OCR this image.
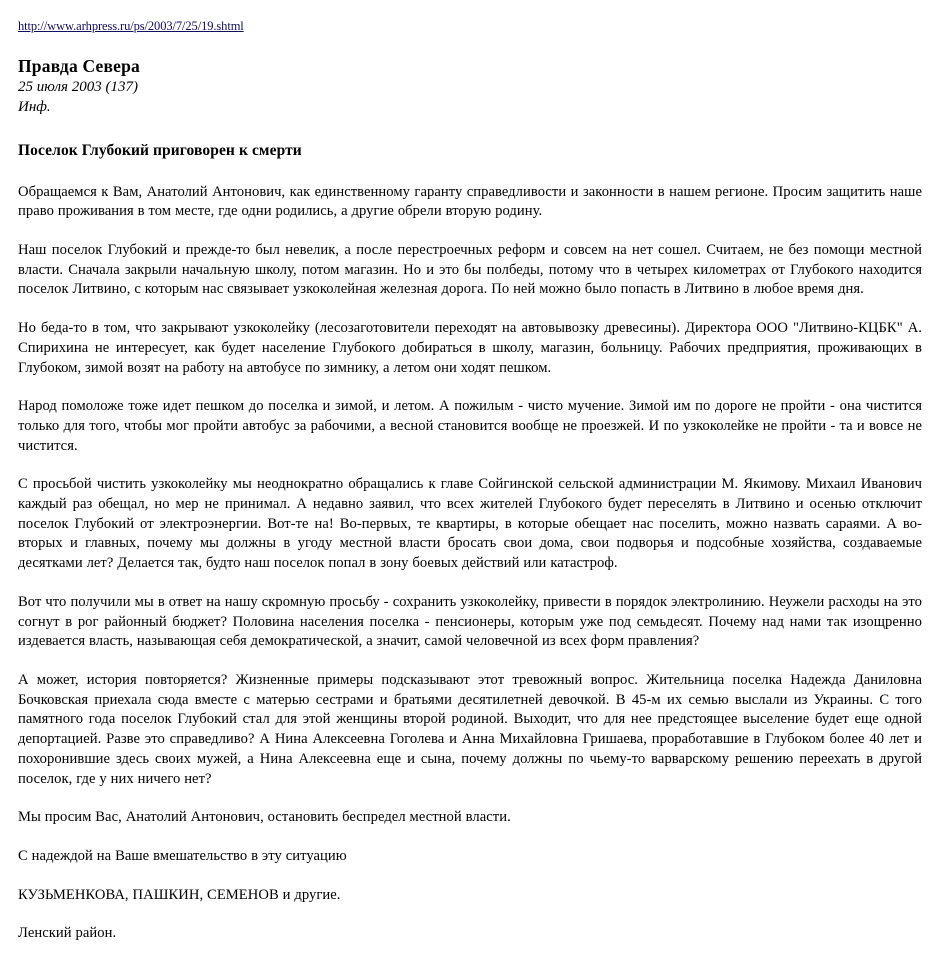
http://www.arhpress.ru/ps/2003/7/25/19.shtml
Правда Севера
25 июля 2003 (137)
Инф.
Поселок Глубокий приговорен к смерти

Обращаемся к Вам, Анатолий Антонович, как единственному гаранту справедливости и законности в нашем регионе. Просим защитить наше право проживания в том месте, где одни родились, а другие обрели вторую родину.

Наш поселок Глубокий и прежде-то был невелик, а после перестроечных реформ и совсем на нет сошел. Считаем, не без помощи местной власти. Сначала закрыли начальную школу, потом магазин. Но и это бы полбеды, потому что в четырех километрах от Глубокого находится поселок Литвино, с которым нас связывает узкоколейная железная дорога. По ней можно было попасть в Литвино в любое время дня.

Но беда-то в том, что закрывают узкоколейку (лесозаготовители переходят на автовывозку древесины). Директора ООО "Литвино-КЦБК" А. Спирихина не интересует, как будет население Глубокого добираться в школу, магазин, больницу. Рабочих предприятия, проживающих в Глубоком, зимой возят на работу на автобусе по зимнику, а летом они ходят пешком.

Народ помоложе тоже идет пешком до поселка и зимой, и летом. А пожилым - чисто мучение. Зимой им по дороге не пройти - она чистится только для того, чтобы мог пройти автобус за рабочими, а весной становится вообще не проезжей. И по узкоколейке не пройти - та и вовсе не чистится.

С просьбой чистить узкоколейку мы неоднократно обращались к главе Сойгинской сельской администрации М. Якимову. Михаил Иванович каждый раз обещал, но мер не принимал. А недавно заявил, что всех жителей Глубокого будет переселять в Литвино и осенью отключит поселок Глубокий от электроэнергии. Вот-те на! Во-первых, те квартиры, в которые обещает нас поселить, можно назвать сараями. А во-вторых и главных, почему мы должны в угоду местной власти бросать свои дома, свои подворья и подсобные хозяйства, создаваемые десятками лет? Делается так, будто наш поселок попал в зону боевых действий или катастроф.

Вот что получили мы в ответ на нашу скромную просьбу - сохранить узкоколейку, привести в порядок электролинию. Неужели расходы на это согнут в рог районный бюджет? Половина населения поселка - пенсионеры, которым уже под семьдесят. Почему над нами так изощренно издевается власть, называющая себя демократической, а значит, самой человечной из всех форм правления?

А может, история повторяется? Жизненные примеры подсказывают этот тревожный вопрос. Жительница поселка Надежда Даниловна Бочковская приехала сюда вместе с матерью сестрами и братьями десятилетней девочкой. В 45-м их семью выслали из Украины. С того памятного года поселок Глубокий стал для этой женщины второй родиной. Выходит, что для нее предстоящее выселение будет еще одной депортацией. Разве это справедливо? А Нина Алексеевна Гоголева и Анна Михайловна Гришаева, проработавшие в Глубоком более 40 лет и похоронившие здесь своих мужей, а Нина Алексеевна еще и сына, почему должны по чьему-то варварскому решению переехать в другой поселок, где у них ничего нет?

Мы просим Вас, Анатолий Антонович, остановить беспредел местной власти.

С надеждой на Ваше вмешательство в эту ситуацию

КУЗЬМЕНКОВА, ПАШКИН, СЕМЕНОВ и другие.

Ленский район.
